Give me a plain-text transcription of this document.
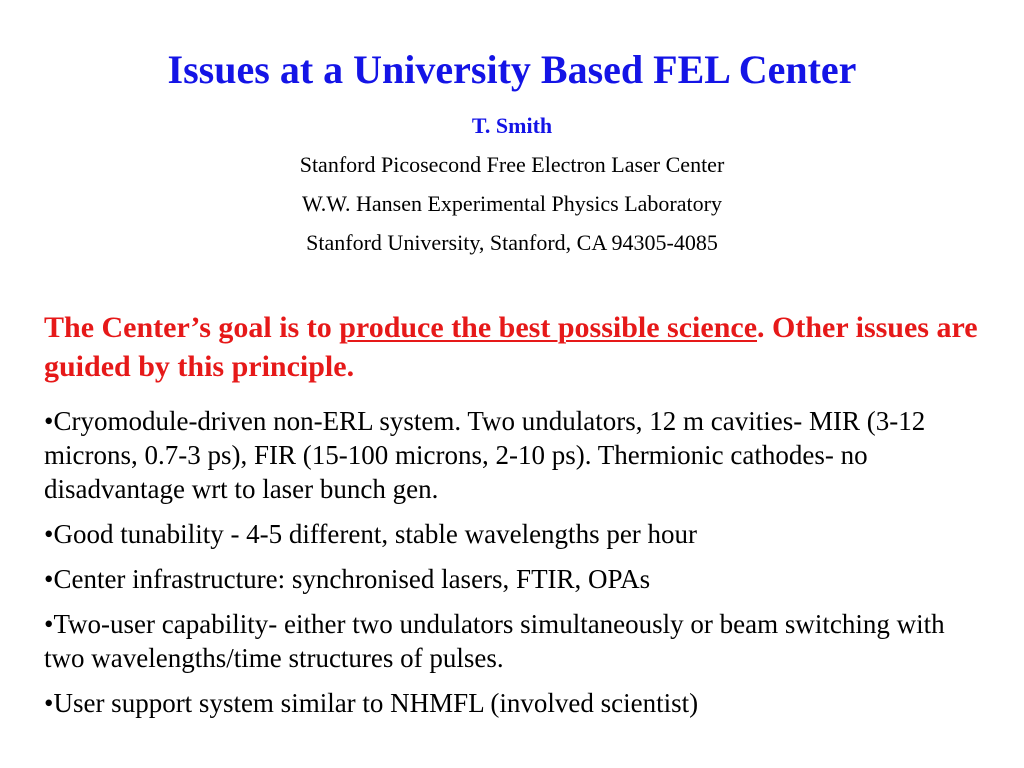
Issues at a University Based FEL Center
T. Smith
Stanford Picosecond Free Electron Laser Center
W.W. Hansen Experimental Physics Laboratory
Stanford University, Stanford, CA 94305-4085

The Center’s goal is to produce the best possible science. Other issues are guided by this principle.

•Cryomodule-driven non-ERL system. Two undulators, 12 m cavities- MIR (3-12 microns, 0.7-3 ps), FIR (15-100 microns, 2-10 ps). Thermionic cathodes- no disadvantage wrt to laser bunch gen.
•Good tunability - 4-5 different, stable wavelengths per hour
•Center infrastructure: synchronised lasers, FTIR, OPAs
•Two-user capability- either two undulators simultaneously or beam switching with two wavelengths/time structures of pulses.
•User support system similar to NHMFL (involved scientist)
